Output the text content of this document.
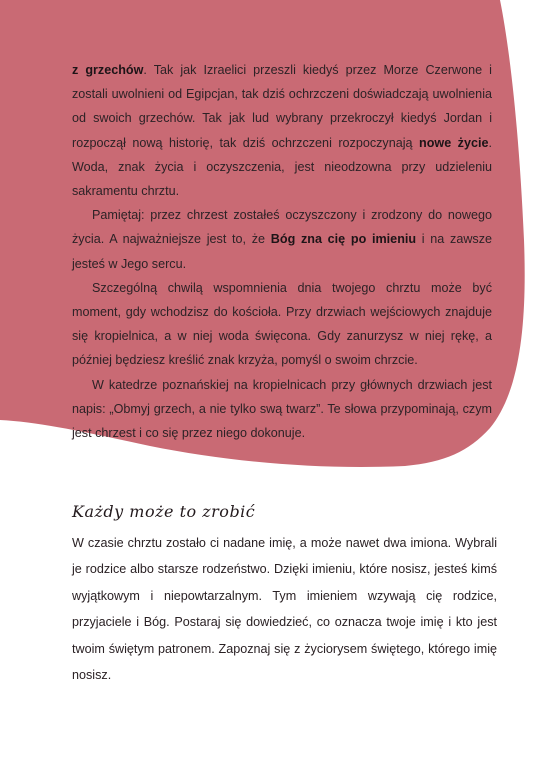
z grzechów. Tak jak Izraelici przeszli kiedyś przez Morze Czerwone i zostali uwolnieni od Egipcjan, tak dziś ochrzczeni doświadczają uwolnienia od swoich grzechów. Tak jak lud wybrany przekroczył kiedyś Jordan i rozpoczął nową historię, tak dziś ochrzczeni rozpoczynają nowe życie. Woda, znak życia i oczyszczenia, jest nieodzowna przy udzieleniu sakramentu chrztu.

Pamiętaj: przez chrzest zostałeś oczyszczony i zrodzony do nowego życia. A najważniejsze jest to, że Bóg zna cię po imieniu i na zawsze jesteś w Jego sercu.

Szczególną chwilą wspomnienia dnia twojego chrztu może być moment, gdy wchodzisz do kościoła. Przy drzwiach wejściowych znajduje się kropielnica, a w niej woda święcona. Gdy zanurzysz w niej rękę, a później będziesz kreślić znak krzyża, pomyśl o swoim chrzcie.

W katedrze poznańskiej na kropielnicach przy głównych drzwiach jest napis: „Obmyj grzech, a nie tylko swą twarz”. Te słowa przypominają, czym jest chrzest i co się przez niego dokonuje.

Każdy może to zrobić

W czasie chrztu zostało ci nadane imię, a może nawet dwa imiona. Wybrali je rodzice albo starsze rodzeństwo. Dzięki imieniu, które nosisz, jesteś kimś wyjątkowym i niepowtarzalnym. Tym imieniem wzywają cię rodzice, przyjaciele i Bóg. Postaraj się dowiedzieć, co oznacza twoje imię i kto jest twoim świętym patronem. Zapoznaj się z życiorysem świętego, którego imię nosisz.
